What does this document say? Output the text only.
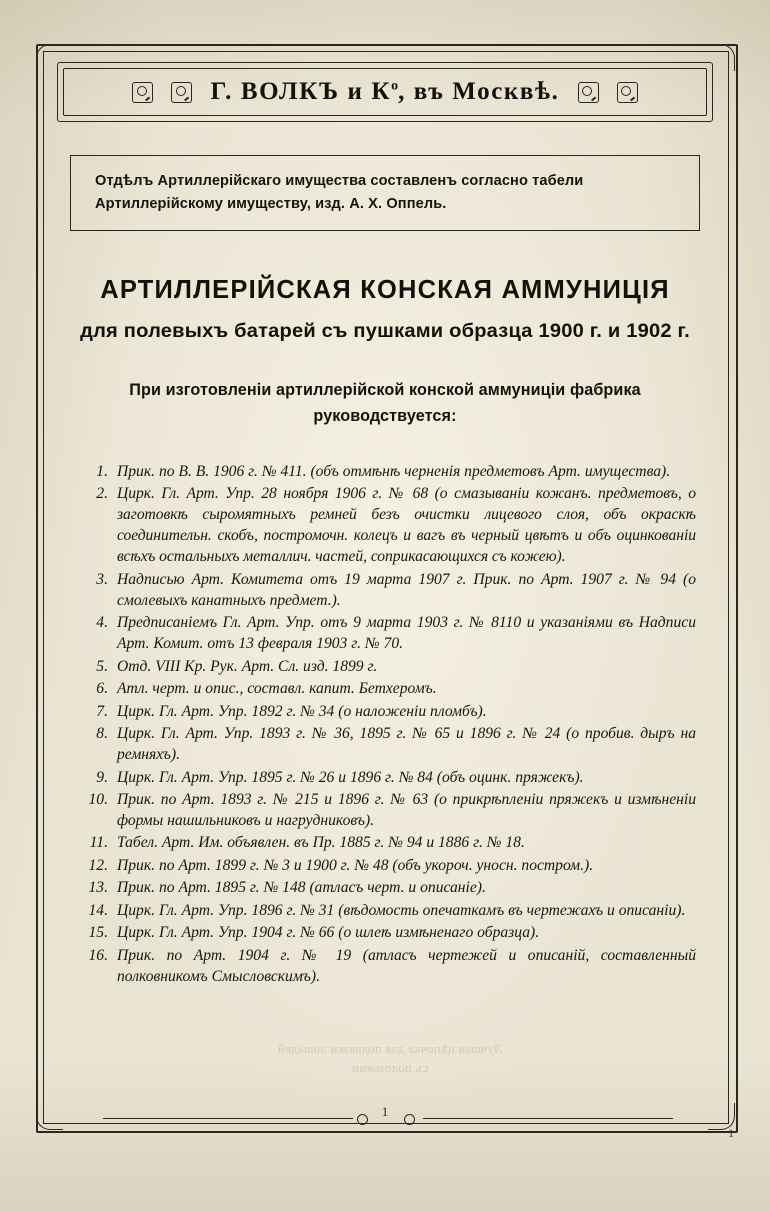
Лучшая цѣпочка для подвязки лошадей
съ полозьями
Г. ВОЛКЪ и $К^о$, въ Москвѣ.

Отдѣлъ Артиллерійскаго имущества составленъ согласно табели

Артиллерійскому имуществу, изд. А. Х. Оппель.

АРТИЛЛЕРІЙСКАЯ КОНСКАЯ АММУНИЦІЯ
для полевыхъ батарей съ пушками образца 1900 г. и 1902 г.
При изготовленіи артиллерійской конской аммуниціи фабрика
руководствуется:
1. Прик. по В. В. 1906 г. № 411. (объ отмѣнѣ черненія предметовъ Арт. имущества).
2. Цирк. Гл. Арт. Упр. 28 ноября 1906 г. № 68 (о смазываніи кожанъ. предметовъ, о заготовкѣ сыромятныхъ ремней безъ очистки лицевого слоя, объ окраскѣ соединительн. скобъ, постромочн. колецъ и вагъ въ черный цвѣтъ и объ оцинкованіи всѣхъ остальныхъ металлич. частей, соприкасающихся съ кожею).
3. Надписью Арт. Комитета отъ 19 марта 1907 г. Прик. по Арт. 1907 г. № 94 (о смолевыхъ канатныхъ предмет.).
4. Предписаніемъ Гл. Арт. Упр. отъ 9 марта 1903 г. № 8110 и указаніями въ Надписи Арт. Комит. отъ 13 февраля 1903 г. № 70.
5. Отд. VIII Кр. Рук. Арт. Сл. изд. 1899 г.
6. Атл. черт. и опис., составл. капит. Бетхеромъ.
7. Цирк. Гл. Арт. Упр. 1892 г. № 34 (о наложеніи пломбъ).
8. Цирк. Гл. Арт. Упр. 1893 г. № 36, 1895 г. № 65 и 1896 г. № 24 (о пробив. дыръ на ремняхъ).
9. Цирк. Гл. Арт. Упр. 1895 г. № 26 и 1896 г. № 84 (объ оцинк. пряжекъ).
10. Прик. по Арт. 1893 г. № 215 и 1896 г. № 63 (о прикрѣпленіи пряжекъ и измѣненіи формы нашильниковъ и нагрудниковъ).
11. Табел. Арт. Им. объявлен. въ Пр. 1885 г. № 94 и 1886 г. № 18.
12. Прик. по Арт. 1899 г. № 3 и 1900 г. № 48 (объ укороч. уносн. постром.).
13. Прик. по Арт. 1895 г. № 148 (атласъ черт. и описаніе).
14. Цирк. Гл. Арт. Упр. 1896 г. № 31 (вѣдомость опечаткамъ въ чертежахъ и описаніи).
15. Цирк. Гл. Арт. Упр. 1904 г. № 66 (о шлеѣ измѣненаго образца).
16. Прик. по Арт. 1904 г. № 19 (атласъ чертежей и описаній, составленный полковникомъ Смысловскимъ).
1
1
